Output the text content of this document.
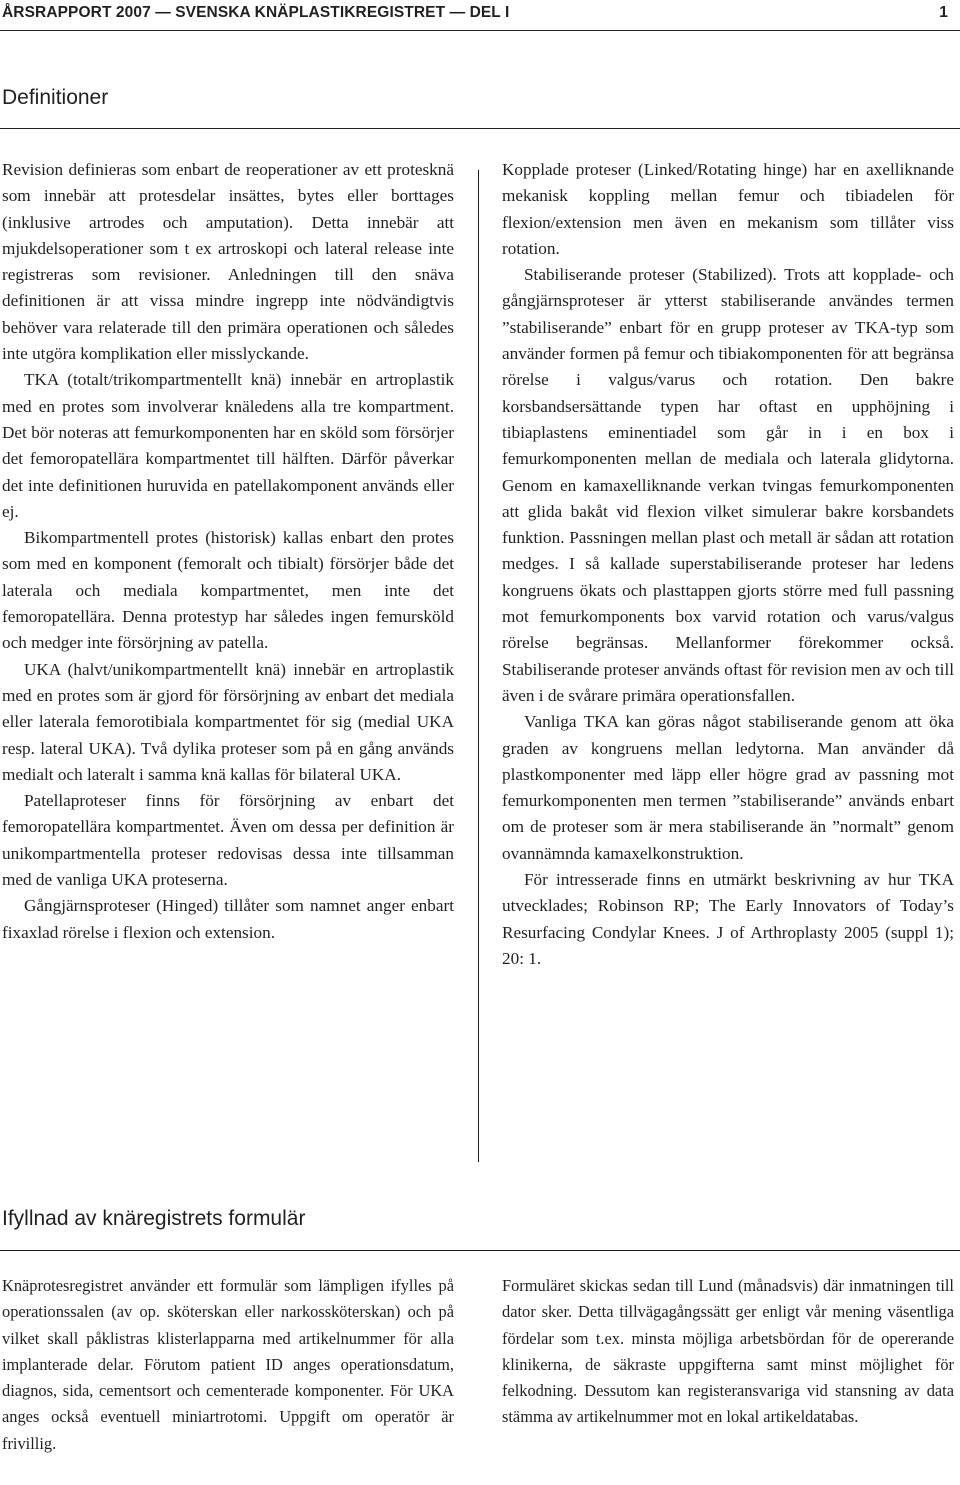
ÅRSRAPPORT 2007 — SVENSKA KNÄPLASTIKREGISTRET — DEL I	1
Definitioner

Revision definieras som enbart de reoperationer av ett protesknä som innebär att protesdelar insättes, bytes eller borttages (inklusive artrodes och amputation). Detta innebär att mjukdelsoperationer som t ex artroskopi och lateral release inte registreras som revisioner. Anledningen till den snäva definitionen är att vissa mindre ingrepp inte nödvändigtvis behöver vara relaterade till den primära operationen och således inte utgöra komplikation eller misslyckande.

TKA (totalt/trikompartmentellt knä) innebär en artroplastik med en protes som involverar knäledens alla tre kompartment. Det bör noteras att femurkomponenten har en sköld som försörjer det femoropatellära kompartmentet till hälften. Därför påverkar det inte definitionen huruvida en patellakomponent används eller ej.

Bikompartmentell protes (historisk) kallas enbart den protes som med en komponent (femoralt och tibialt) försörjer både det laterala och mediala kompartmentet, men inte det femoropatellära. Denna protestyp har således ingen femursköld och medger inte försörjning av patella.

UKA (halvt/unikompartmentellt knä) innebär en artroplastik med en protes som är gjord för försörjning av enbart det mediala eller laterala femorotibiala kompartmentet för sig (medial UKA resp. lateral UKA). Två dylika proteser som på en gång används medialt och lateralt i samma knä kallas för bilateral UKA.

Patellaproteser finns för försörjning av enbart det femoropatellära kompartmentet. Även om dessa per definition är unikompartmentella proteser redovisas dessa inte tillsamman med de vanliga UKA proteserna.

Gångjärnsproteser (Hinged) tillåter som namnet anger enbart fixaxlad rörelse i flexion och extension.

Kopplade proteser (Linked/Rotating hinge) har en axelliknande mekanisk koppling mellan femur och tibiadelen för flexion/extension men även en mekanism som tillåter viss rotation.

Stabiliserande proteser (Stabilized). Trots att kopplade- och gångjärnsproteser är ytterst stabiliserande användes termen ”stabiliserande” enbart för en grupp proteser av TKA-typ som använder formen på femur och tibiakomponenten för att begränsa rörelse i valgus/varus och rotation. Den bakre korsbandsersättande typen har oftast en upphöjning i tibiaplastens eminentiadel som går in i en box i femurkomponenten mellan de mediala och laterala glidytorna. Genom en kamaxelliknande verkan tvingas femurkomponenten att glida bakåt vid flexion vilket simulerar bakre korsbandets funktion. Passningen mellan plast och metall är sådan att rotation medges. I så kallade superstabiliserande proteser har ledens kongruens ökats och plasttappen gjorts större med full passning mot femurkomponents box varvid rotation och varus/valgus rörelse begränsas. Mellanformer förekommer också. Stabiliserande proteser används oftast för revision men av och till även i de svårare primära operationsfallen.

Vanliga TKA kan göras något stabiliserande genom att öka graden av kongruens mellan ledytorna. Man använder då plastkomponenter med läpp eller högre grad av passning mot femurkomponenten men termen ”stabiliserande” används enbart om de proteser som är mera stabiliserande än ”normalt” genom ovannämnda kamaxelkonstruktion.

För intresserade finns en utmärkt beskrivning av hur TKA utvecklades; Robinson RP; The Early Innovators of Today’s Resurfacing Condylar Knees. J of Arthroplasty 2005 (suppl 1); 20: 1.

Ifyllnad av knäregistrets formulär

Knäprotesregistret använder ett formulär som lämpligen ifylles på operationssalen (av op. sköterskan eller narkossköterskan) och på vilket skall påklistras klisterlapparna med artikelnummer för alla implanterade delar. Förutom patient ID anges operationsdatum, diagnos, sida, cementsort och cementerade komponenter. För UKA anges också eventuell miniartrotomi. Uppgift om operatör är frivillig.

Formuläret skickas sedan till Lund (månadsvis) där inmatningen till dator sker. Detta tillvägagångssätt ger enligt vår mening väsentliga fördelar som t.ex. minsta möjliga arbetsbördan för de opererande klinikerna, de säkraste uppgifterna samt minst möjlighet för felkodning. Dessutom kan registeransvariga vid stansning av data stämma av artikelnummer mot en lokal artikeldatabas.
